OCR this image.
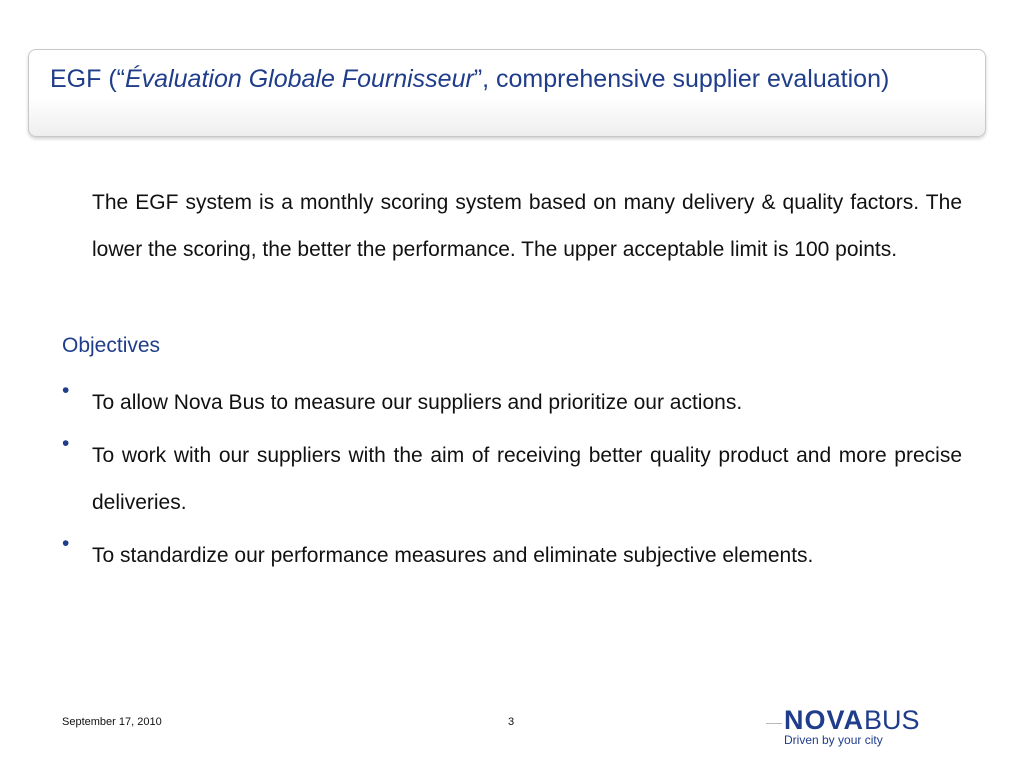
EGF (“Évaluation Globale Fournisseur”, comprehensive supplier evaluation)

The EGF system is a monthly scoring system based on many delivery & quality factors. The lower the scoring, the better the performance. The upper acceptable limit is 100 points.

Objectives
•

To allow Nova Bus to measure our suppliers and prioritize our actions.

•

To work with our suppliers with the aim of receiving better quality product and more precise deliveries.

•

To standardize our performance measures and eliminate subjective elements.

September 17, 2010	3	NOVABUS
Driven by your city
